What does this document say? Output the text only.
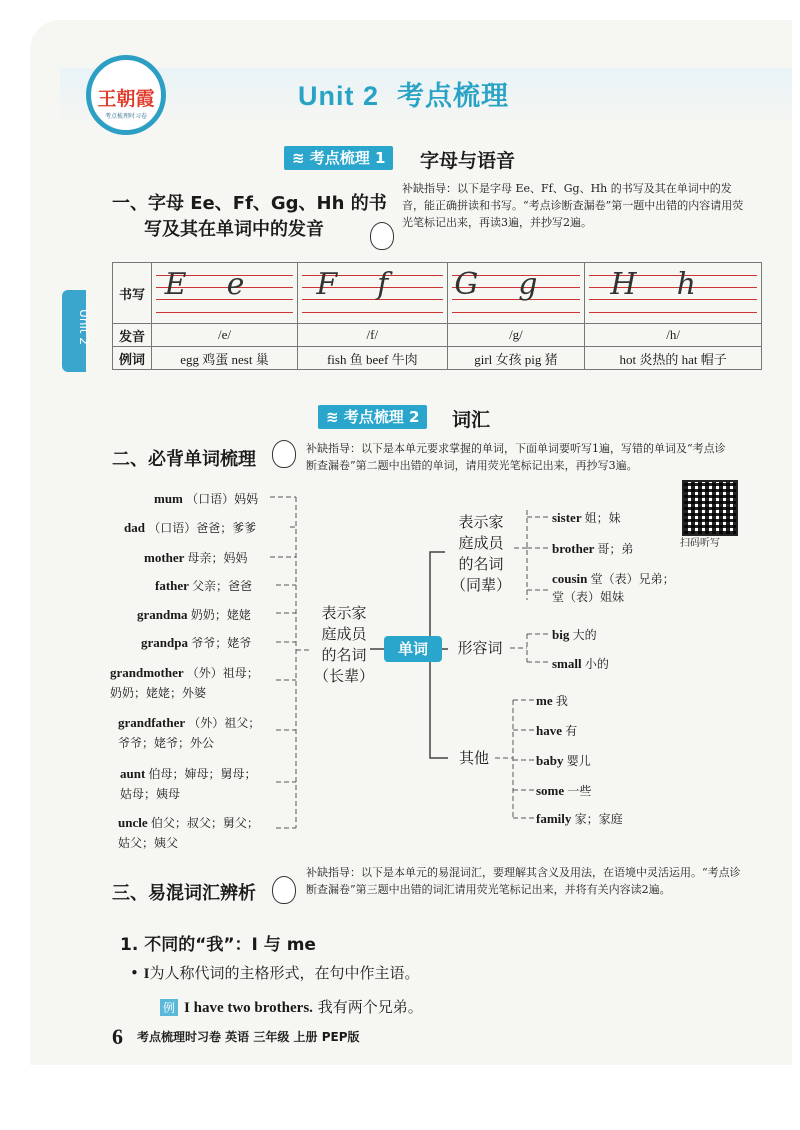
王朝霞
考点梳理时习卷
Unit 2 考点梳理
Unit 2
≋ 考点梳理 1	字母与语音
一、字母 Ee、Ff、Gg、Hh 的书
写及其在单词中的发音
补缺指导：以下是字母 Ee、Ff、Gg、Hh 的书写及其在单词中的发音，能正确拼读和书写。“考点诊断查漏卷”第一题中出错的内容请用荧光笔标记出来，再读3遍，并抄写2遍。
书写	Ee	Ff	Gg	Hh

发音	/e/	/f/	/g/	/h/
例词	egg 鸡蛋 nest 巢	fish 鱼 beef 牛肉	girl 女孩 pig 猪	hot 炎热的 hat 帽子
≋ 考点梳理 2	词汇
二、必背单词梳理
补缺指导：以下是本单元要求掌握的单词，下面单词要听写1遍，写错的单词及“考点诊断查漏卷”第二题中出错的单词，请用荧光笔标记出来，再抄写3遍。
扫码听写
表示家
庭成员
的名词
（长辈）
mum （口语）妈妈
dad （口语）爸爸；爹爹
mother 母亲；妈妈
father 父亲；爸爸
grandma 奶奶；姥姥
grandpa 爷爷；姥爷
grandmother （外）祖母；
奶奶；姥姥；外婆
grandfather （外）祖父；
爷爷；姥爷；外公
aunt 伯母；婶母；舅母；
姑母；姨母
uncle 伯父；叔父；舅父；
姑父；姨父
单词
表示家
庭成员
的名词
（同辈）
sister 姐；妹
brother 哥；弟
cousin 堂（表）兄弟；
堂（表）姐妹
形容词
big 大的
small 小的
其他
me 我
have 有
baby 婴儿
some 一些
family 家；家庭
三、易混词汇辨析
补缺指导：以下是本单元的易混词汇，要理解其含义及用法，在语境中灵活运用。“考点诊断查漏卷”第三题中出错的词汇请用荧光笔标记出来，并将有关内容读2遍。
1. 不同的“我”：I 与 me
• I为人称代词的主格形式，在句中作主语。
例 I have two brothers. 我有两个兄弟。
6 考点梳理时习卷 英语 三年级 上册 PEP版
